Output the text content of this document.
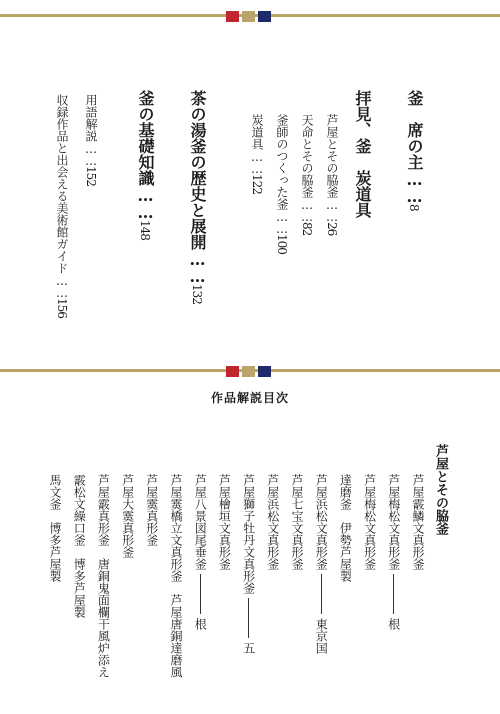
釜　席の主……8
拝見、釜　炭道具
芦屋とその脇釜……26
天命とその脇釜……82
釜師のつくった釜……100
炭道具……122
茶の湯釜の歴史と展開……132
釜の基礎知識……148
用語解説……152
収録作品と出会える美術館ガイド……156
作品解説目次
芦屋とその脇釜
芦屋霰鱗文真形釜
芦屋梅松文真形釜根
芦屋梅松文真形釜
達磨釜　伊勢芦屋製
芦屋浜松文真形釜東京国
芦屋七宝文真形釜
芦屋浜松文真形釜
芦屋獅子牡丹文真形釜五
芦屋檜垣文真形釜
芦屋八景図尾垂釜根
芦屋霙橋立文真形釜　芦屋唐銅達磨風
芦屋霙真形釜
芦屋大霙真形釜
芦屋霰真形釜　唐銅鬼面欄干風炉添え
霰松文繰口釜　博多芦屋製
馬文釜　博多芦屋製
